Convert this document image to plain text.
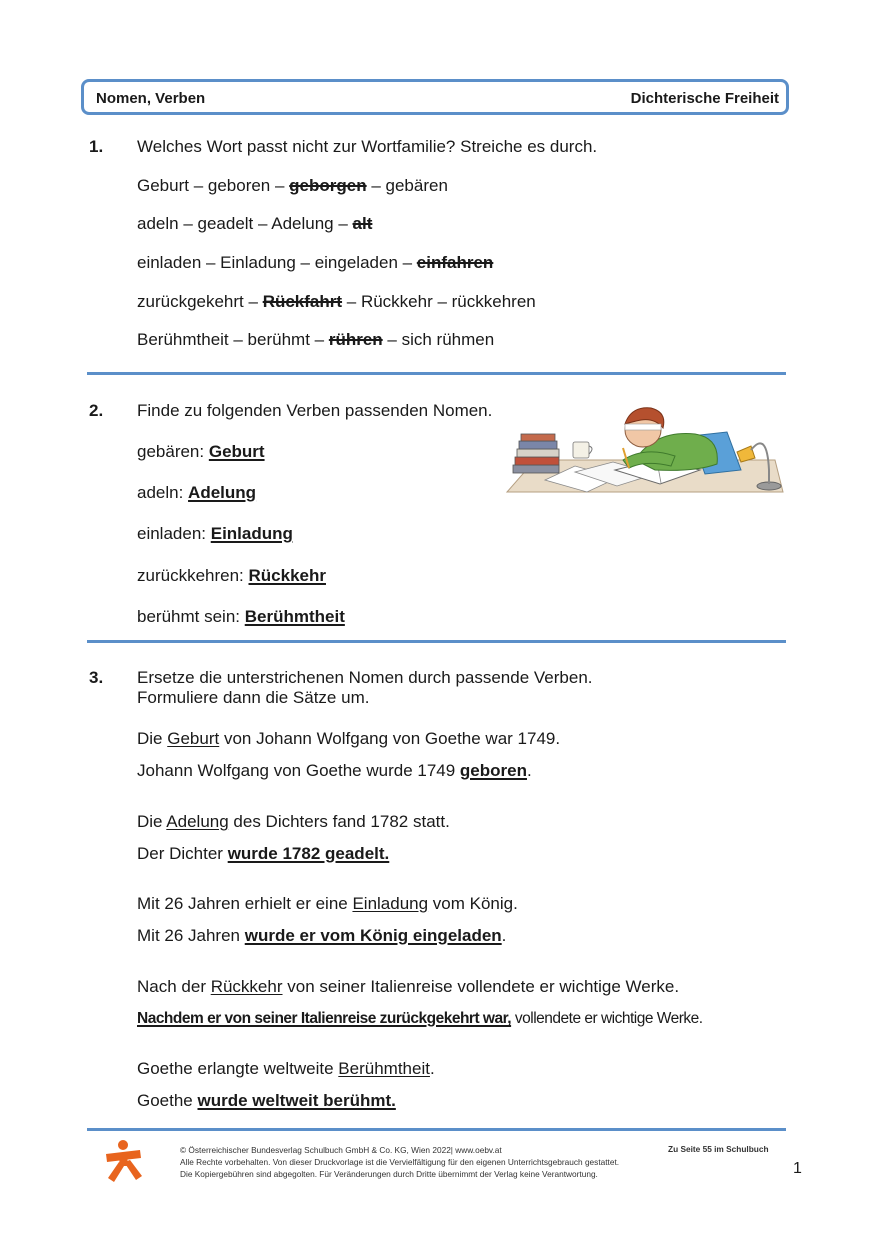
Nomen, Verben	Dichterische Freiheit
1. Welches Wort passt nicht zur Wortfamilie? Streiche es durch.
Geburt – geboren – geborgen – gebären
adeln – geadelt – Adelung – alt
einladen – Einladung – eingeladen – einfahren
zurückgekehrt – Rückfahrt – Rückkehr – rückkehren
Berühmtheit – berühmt – rühren – sich rühmen
2. Finde zu folgenden Verben passenden Nomen.
gebären: Geburt
adeln: Adelung
einladen: Einladung
zurückkehren: Rückkehr
berühmt sein: Berühmtheit
3. Ersetze die unterstrichenen Nomen durch passende Verben.
Formuliere dann die Sätze um.
Die Geburt von Johann Wolfgang von Goethe war 1749.
Johann Wolfgang von Goethe wurde 1749 geboren.
Die Adelung des Dichters fand 1782 statt.
Der Dichter wurde 1782 geadelt.
Mit 26 Jahren erhielt er eine Einladung vom König.
Mit 26 Jahren wurde er vom König eingeladen.
Nach der Rückkehr von seiner Italienreise vollendete er wichtige Werke.
Nachdem er von seiner Italienreise zurückgekehrt war, vollendete er wichtige Werke.
Goethe erlangte weltweite Berühmtheit.
Goethe wurde weltweit berühmt.
© Österreichischer Bundesverlag Schulbuch GmbH & Co. KG, Wien 2022| www.oebv.at
Alle Rechte vorbehalten. Von dieser Druckvorlage ist die Vervielfältigung für den eigenen Unterrichtsgebrauch gestattet.
Die Kopiergebühren sind abgegolten. Für Veränderungen durch Dritte übernimmt der Verlag keine Verantwortung.
Zu Seite 55 im Schulbuch
1
